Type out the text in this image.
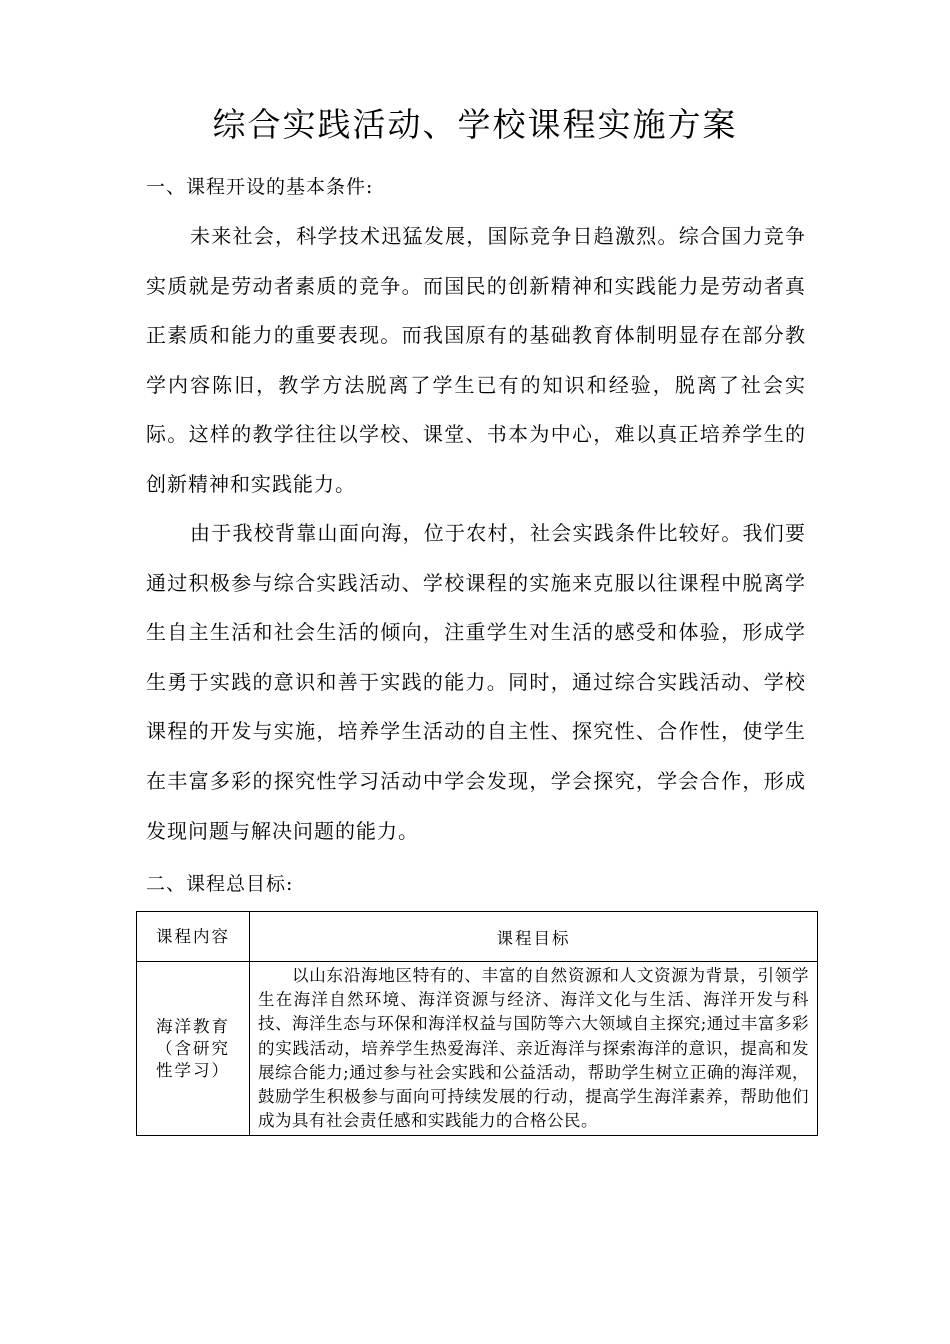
综合实践活动、学校课程实施方案
一、课程开设的基本条件:

未来社会，科学技术迅猛发展，国际竞争日趋激烈。综合国力竞争实质就是劳动者素质的竞争。而国民的创新精神和实践能力是劳动者真正素质和能力的重要表现。而我国原有的基础教育体制明显存在部分教学内容陈旧，教学方法脱离了学生已有的知识和经验，脱离了社会实际。这样的教学往往以学校、课堂、书本为中心，难以真正培养学生的创新精神和实践能力。

由于我校背靠山面向海，位于农村，社会实践条件比较好。我们要通过积极参与综合实践活动、学校课程的实施来克服以往课程中脱离学生自主生活和社会生活的倾向，注重学生对生活的感受和体验，形成学生勇于实践的意识和善于实践的能力。同时，通过综合实践活动、学校课程的开发与实施，培养学生活动的自主性、探究性、合作性，使学生在丰富多彩的探究性学习活动中学会发现，学会探究，学会合作，形成发现问题与解决问题的能力。

二、课程总目标:
课程内容	课程目标
海洋教育（含研究性学习）	以山东沿海地区特有的、丰富的自然资源和人文资源为背景，引领学生在海洋自然环境、海洋资源与经济、海洋文化与生活、海洋开发与科技、海洋生态与环保和海洋权益与国防等六大领域自主探究;通过丰富多彩的实践活动，培养学生热爱海洋、亲近海洋与探索海洋的意识，提高和发展综合能力;通过参与社会实践和公益活动，帮助学生树立正确的海洋观，鼓励学生积极参与面向可持续发展的行动，提高学生海洋素养，帮助他们成为具有社会责任感和实践能力的合格公民。
